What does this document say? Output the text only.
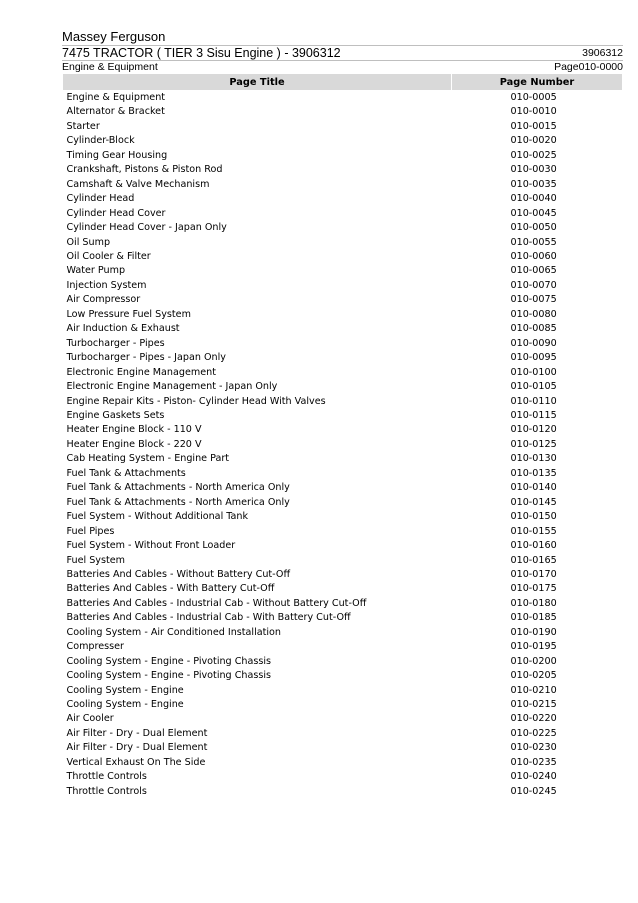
Massey Ferguson
7475 TRACTOR ( TIER 3 Sisu Engine ) - 3906312	3906312
Engine & Equipment	Page010-0000
Page Title	Page Number
Engine & Equipment	010-0005
Alternator & Bracket	010-0010
Starter	010-0015
Cylinder-Block	010-0020
Timing Gear Housing	010-0025
Crankshaft, Pistons & Piston Rod	010-0030
Camshaft & Valve Mechanism	010-0035
Cylinder Head	010-0040
Cylinder Head Cover	010-0045
Cylinder Head Cover - Japan Only	010-0050
Oil Sump	010-0055
Oil Cooler & Filter	010-0060
Water Pump	010-0065
Injection System	010-0070
Air Compressor	010-0075
Low Pressure Fuel System	010-0080
Air Induction & Exhaust	010-0085
Turbocharger - Pipes	010-0090
Turbocharger - Pipes - Japan Only	010-0095
Electronic Engine Management	010-0100
Electronic Engine Management - Japan Only	010-0105
Engine Repair Kits - Piston- Cylinder Head With Valves	010-0110
Engine Gaskets Sets	010-0115
Heater Engine Block - 110 V	010-0120
Heater Engine Block - 220 V	010-0125
Cab Heating System - Engine Part	010-0130
Fuel Tank & Attachments	010-0135
Fuel Tank & Attachments - North America Only	010-0140
Fuel Tank & Attachments - North America Only	010-0145
Fuel System - Without Additional Tank	010-0150
Fuel Pipes	010-0155
Fuel System - Without Front Loader	010-0160
Fuel System	010-0165
Batteries And Cables - Without Battery Cut-Off	010-0170
Batteries And Cables - With Battery Cut-Off	010-0175
Batteries And Cables - Industrial Cab - Without Battery Cut-Off	010-0180
Batteries And Cables - Industrial Cab - With Battery Cut-Off	010-0185
Cooling System - Air Conditioned Installation	010-0190
Compresser	010-0195
Cooling System - Engine - Pivoting Chassis	010-0200
Cooling System - Engine - Pivoting Chassis	010-0205
Cooling System - Engine	010-0210
Cooling System - Engine	010-0215
Air Cooler	010-0220
Air Filter - Dry - Dual Element	010-0225
Air Filter - Dry - Dual Element	010-0230
Vertical Exhaust On The Side	010-0235
Throttle Controls	010-0240
Throttle Controls	010-0245
